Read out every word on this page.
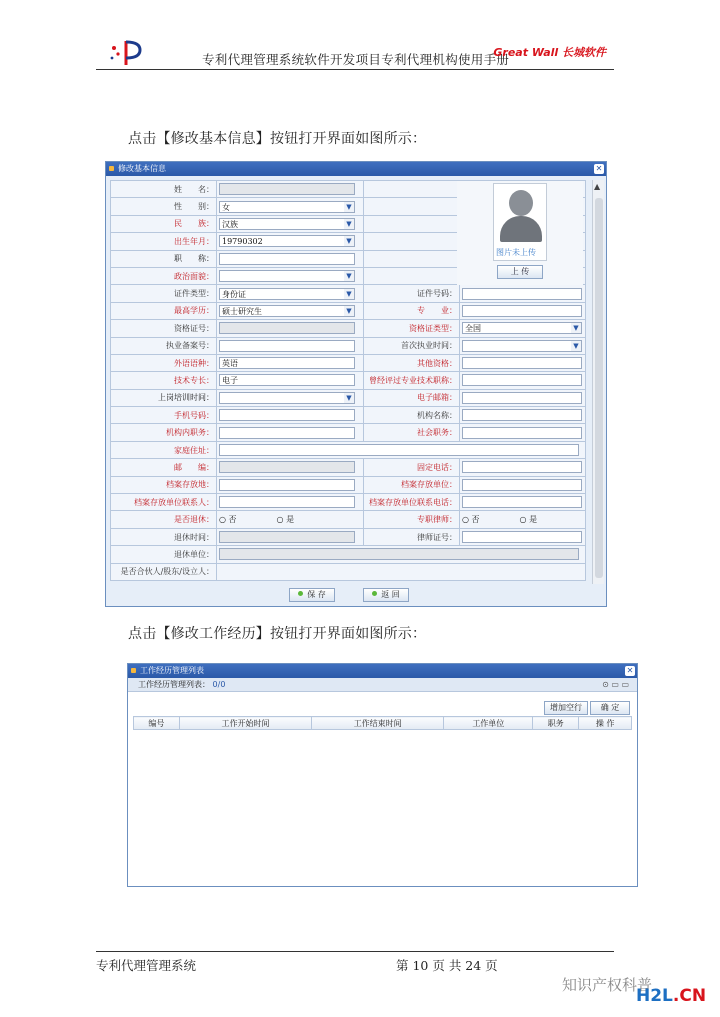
专利代理管理系统软件开发项目专利代理机构使用手册
Great Wall 长城软件
点击【修改基本信息】按钮打开界面如图所示：
修改基本信息	✕
姓　　名：			
性　　别：	女 ▼		

民　　族：	汉族 ▼		

出生年月：	19790302 ▼		

职　　称：			
政治面貌：	▼		

证件类型：	身份证 ▼	证件号码：	
最高学历：	硕士研究生 ▼	专　　业：	
资格证号：		资格证类型：	全国 ▼

执业备案号：		首次执业时间：	▼

外语语种：	英语	其他资格：	
技术专长：	电子	曾经评过专业技术职称：	
上岗培训时间：	▼	电子邮箱：	
手机号码：		机构名称：	
机构内职务：		社会职务：	
家庭住址：			
邮　　编：		固定电话：	
档案存放地：		档案存放单位：	
档案存放单位联系人：		档案存放单位联系电话：	
是否退休：	○ 否 ○ 是	专职律师：	○ 否 ○ 是
退休时间：		律师证号：	
退休单位：			
是否合伙人/股东/设立人：			
图片未上传
上 传
▲
保 存	返 回
点击【修改工作经历】按钮打开界面如图所示：
工作经历管理列表	✕
工作经历管理列表： 0/0	⊙ ▭ ▭
增加空行	确 定
编号	工作开始时间	工作结束时间	工作单位	职务	操 作
专利代理管理系统	第 10 页 共 24 页
知识产权科普
H2L.CN
